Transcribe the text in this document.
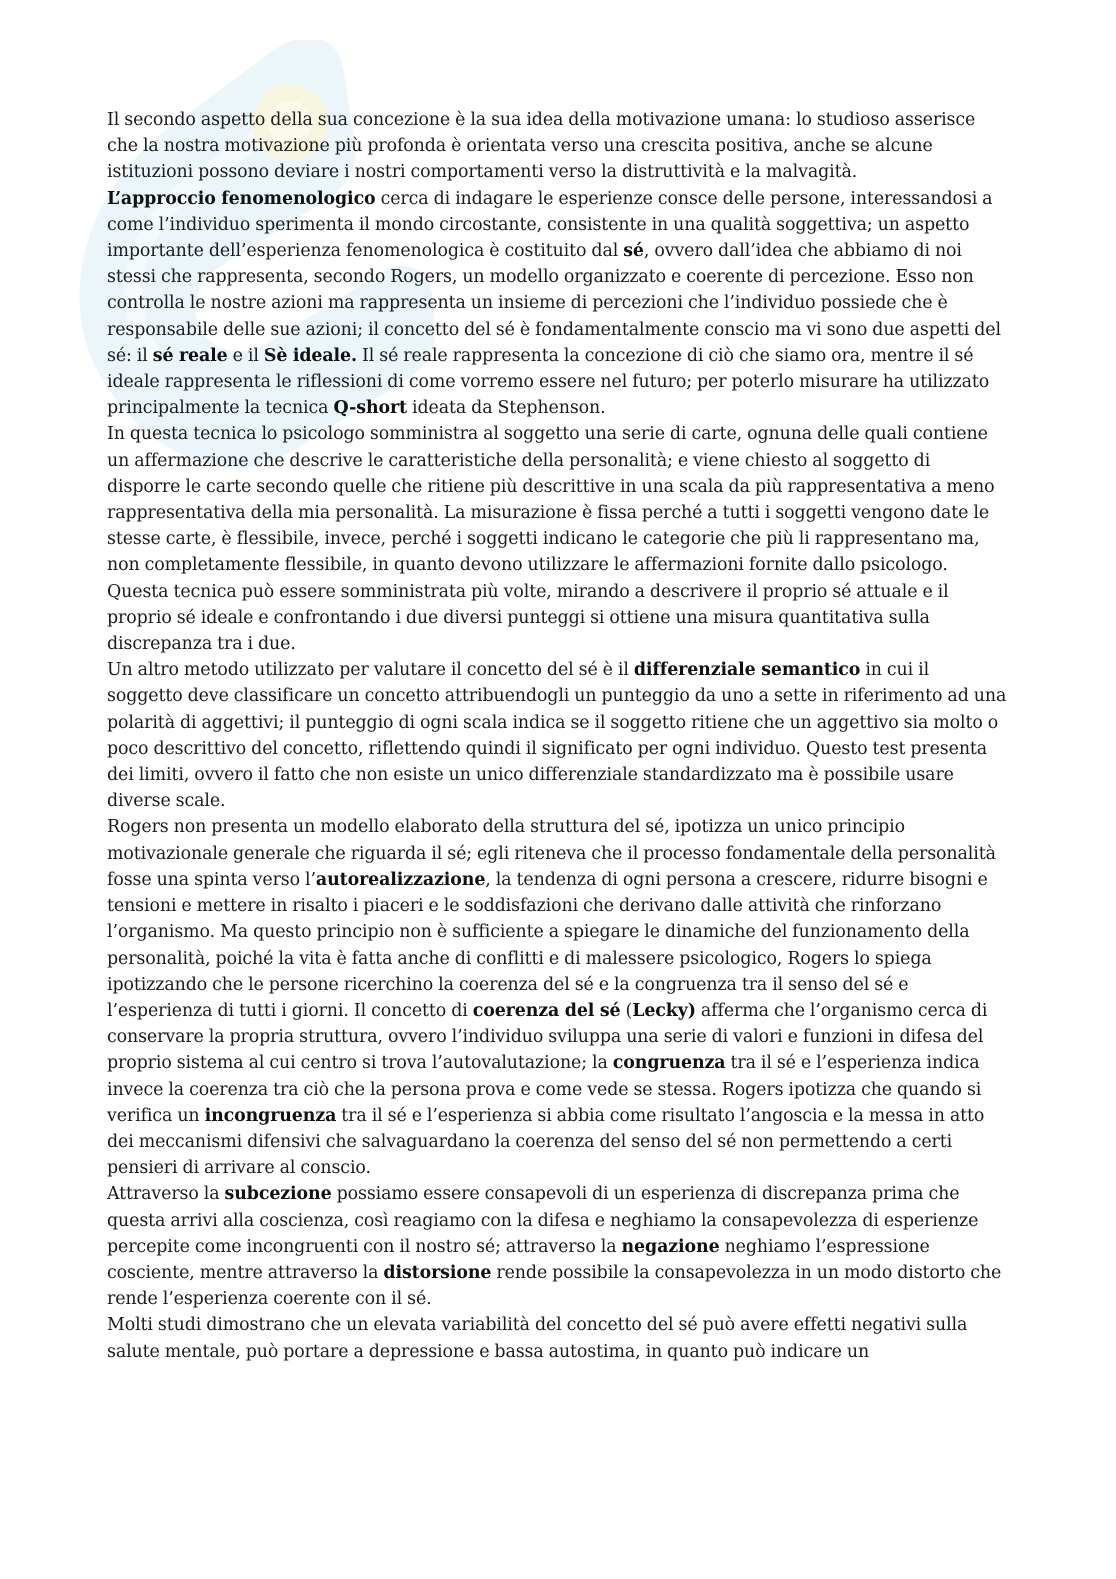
Il secondo aspetto della sua concezione è la sua idea della motivazione umana: lo studioso asserisce che la nostra motivazione più profonda è orientata verso una crescita positiva, anche se alcune istituzioni possono deviare i nostri comportamenti verso la distruttività e la malvagità.

L’approccio fenomenologico cerca di indagare le esperienze consce delle persone, interessandosi a come l’individuo sperimenta il mondo circostante, consistente in una qualità soggettiva; un aspetto importante dell’esperienza fenomenologica è costituito dal sé, ovvero dall’idea che abbiamo di noi stessi che rappresenta, secondo Rogers, un modello organizzato e coerente di percezione. Esso non controlla le nostre azioni ma rappresenta un insieme di percezioni che l’individuo possiede che è responsabile delle sue azioni; il concetto del sé è fondamentalmente conscio ma vi sono due aspetti del sé: il sé reale e il Sè ideale. Il sé reale rappresenta la concezione di ciò che siamo ora, mentre il sé ideale rappresenta le riflessioni di come vorremo essere nel futuro; per poterlo misurare ha utilizzato principalmente la tecnica Q-short ideata da Stephenson.

In questa tecnica lo psicologo somministra al soggetto una serie di carte, ognuna delle quali contiene un affermazione che descrive le caratteristiche della personalità; e viene chiesto al soggetto di disporre le carte secondo quelle che ritiene più descrittive in una scala da più rappresentativa a meno rappresentativa della mia personalità. La misurazione è fissa perché a tutti i soggetti vengono date le stesse carte, è flessibile, invece, perché i soggetti indicano le categorie che più li rappresentano ma, non completamente flessibile, in quanto devono utilizzare le affermazioni fornite dallo psicologo. Questa tecnica può essere somministrata più volte, mirando a descrivere il proprio sé attuale e il proprio sé ideale e confrontando i due diversi punteggi si ottiene una misura quantitativa sulla discrepanza tra i due.

Un altro metodo utilizzato per valutare il concetto del sé è il differenziale semantico in cui il soggetto deve classificare un concetto attribuendogli un punteggio da uno a sette in riferimento ad una polarità di aggettivi; il punteggio di ogni scala indica se il soggetto ritiene che un aggettivo sia molto o poco descrittivo del concetto, riflettendo quindi il significato per ogni individuo. Questo test presenta dei limiti, ovvero il fatto che non esiste un unico differenziale standardizzato ma è possibile usare diverse scale.

Rogers non presenta un modello elaborato della struttura del sé, ipotizza un unico principio motivazionale generale che riguarda il sé; egli riteneva che il processo fondamentale della personalità fosse una spinta verso l’autorealizzazione, la tendenza di ogni persona a crescere, ridurre bisogni e tensioni e mettere in risalto i piaceri e le soddisfazioni che derivano dalle attività che rinforzano l’organismo. Ma questo principio non è sufficiente a spiegare le dinamiche del funzionamento della personalità, poiché la vita è fatta anche di conflitti e di malessere psicologico, Rogers lo spiega ipotizzando che le persone ricerchino la coerenza del sé e la congruenza tra il senso del sé e l’esperienza di tutti i giorni. Il concetto di coerenza del sé (Lecky) afferma che l’organismo cerca di conservare la propria struttura, ovvero l’individuo sviluppa una serie di valori e funzioni in difesa del proprio sistema al cui centro si trova l’autovalutazione; la congruenza tra il sé e l’esperienza indica invece la coerenza tra ciò che la persona prova e come vede se stessa. Rogers ipotizza che quando si verifica un incongruenza tra il sé e l’esperienza si abbia come risultato l’angoscia e la messa in atto dei meccanismi difensivi che salvaguardano la coerenza del senso del sé non permettendo a certi pensieri di arrivare al conscio.

Attraverso la subcezione possiamo essere consapevoli di un esperienza di discrepanza prima che questa arrivi alla coscienza, così reagiamo con la difesa e neghiamo la consapevolezza di esperienze percepite come incongruenti con il nostro sé; attraverso la negazione neghiamo l’espressione cosciente, mentre attraverso la distorsione rende possibile la consapevolezza in un modo distorto che rende l’esperienza coerente con il sé.

Molti studi dimostrano che un elevata variabilità del concetto del sé può avere effetti negativi sulla salute mentale, può portare a depressione e bassa autostima, in quanto può indicare un
